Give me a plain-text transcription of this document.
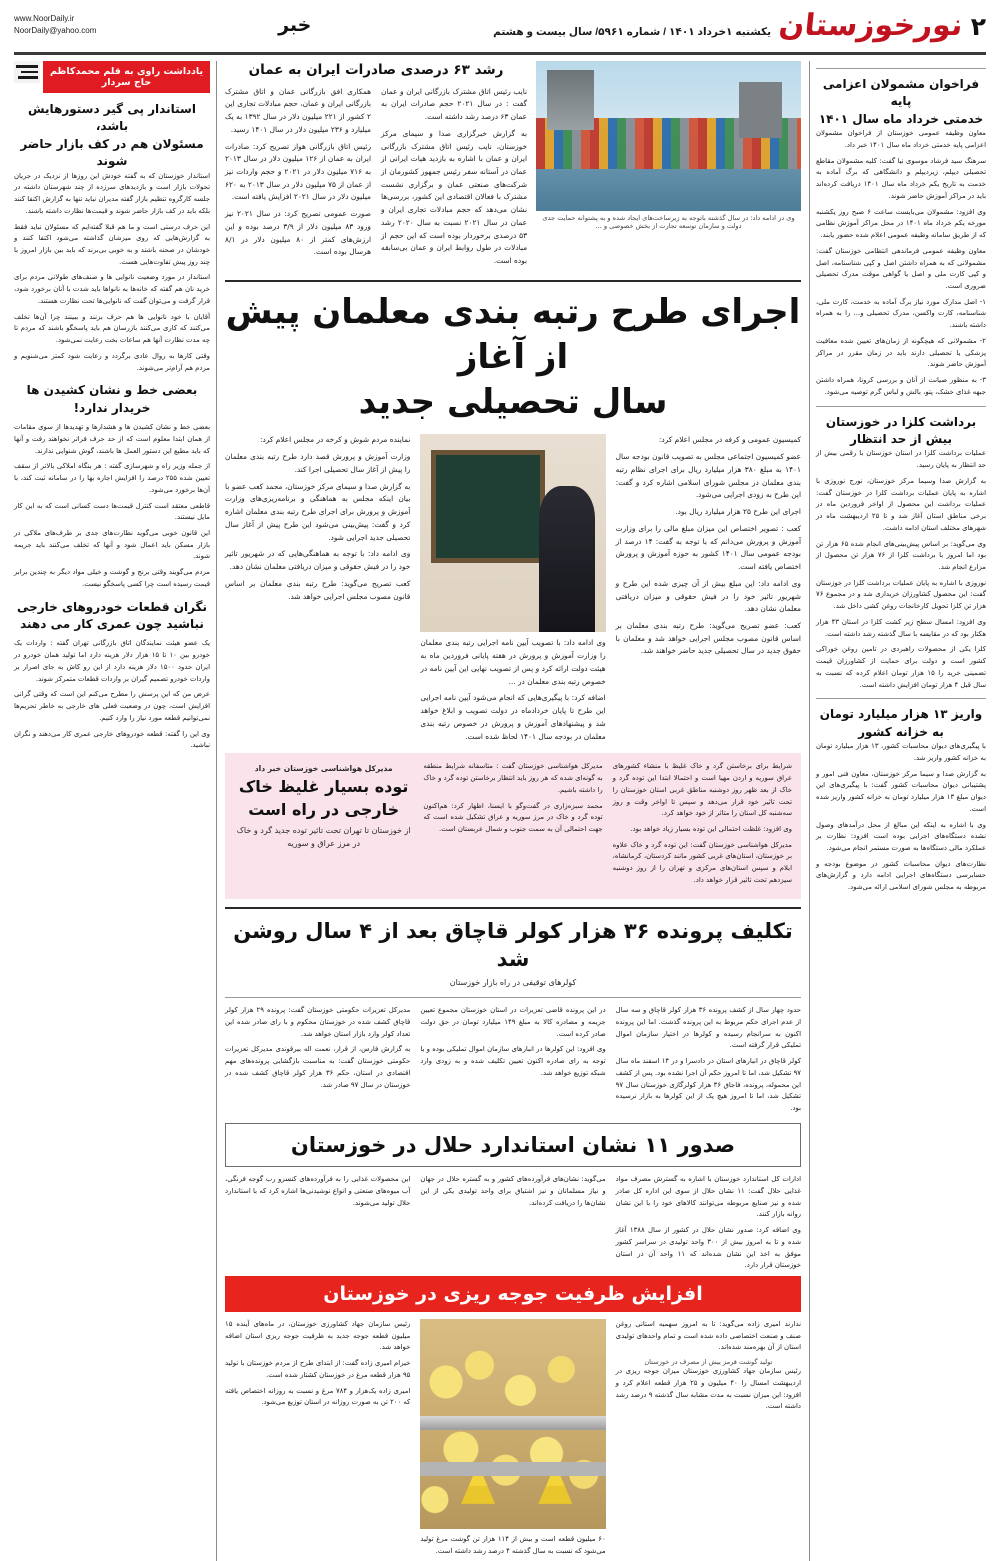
۲
نورخوزستان
یکشنبه ۱خرداد ۱۴۰۱ / شماره ۵۹۶۱/ سال بیست و هشتم
خبر
www.NoorDaily.ir
NoorDaily@yahoo.com
فراخوان مشمولان اعزامی پایه
خدمتی خرداد ماه سال ۱۴۰۱

معاون وظیفه عمومی خوزستان از فراخوان مشمولان اعزامی پایه خدمتی خرداد ماه سال ۱۴۰۱ خبر داد.

سرهنگ سید فرشاد موسوی نیا گفت: کلیه مشمولان مقاطع تحصیلی دیپلم، زیردیپلم و دانشگاهی که برگ آماده به خدمت به تاریخ یکم خرداد ماه سال ۱۴۰۱ دریافت کرده‌اند باید در مراکز آموزش حاضر شوند.

وی افزود: مشمولان می‌بایست ساعت ۶ صبح روز یکشنبه مورخه یکم خرداد ماه ۱۴۰۱ در محل مراکز آموزش نظامی که از طریق سامانه وظیفه عمومی اعلام شده حضور یابند.

معاون وظیفه عمومی فرماندهی انتظامی خوزستان گفت: مشمولانی که به همراه داشتن اصل و کپی شناسنامه، اصل و کپی کارت ملی و اصل یا گواهی موقت مدرک تحصیلی ضروری است.

۱- اصل مدارک مورد نیاز برگ آماده به خدمت، کارت ملی، شناسنامه، کارت واکسن، مدرک تحصیلی و... را به همراه داشته باشند.

۲- مشمولانی که هیچگونه از زمان‌های تعیین شده معافیت پزشکی یا تحصیلی دارند باید در زمان مقرر در مراکز آموزش حاضر شوند.

۳- به منظور صیانت از آنان و بررسی کرونا، همراه داشتن جبهه غذای خشک، پتو، بالش و لباس گرم توصیه می‌شود.

برداشت کلزا در خوزستان
بیش از حد انتظار

عملیات برداشت کلزا در استان خوزستان با رقمی بیش از حد انتظار به پایان رسید.

به گزارش صدا وسیما مرکز خوزستان، نورج نوروزی با اشاره به پایان عملیات برداشت کلزا در خوزستان گفت: عملیات برداشت این محصول از اواخر فروردین ماه در برخی مناطق استان آغاز شد و تا ۲۵ اردیبهشت ماه در شهرهای مختلف استان ادامه داشت.

وی می‌گوید: بر اساس پیش‌بینی‌های انجام شده ۶۵ هزار تن بود اما امروز با برداشت کلزا از ۷۶ هزار تن محصول از مزارع انجام شد.

نوروزی با اشاره به پایان عملیات برداشت کلزا در خوزستان گفت: این محصول کشاورزان خریداری شد و در مجموع ۷۶ هزار تن کلزا تحویل کارخانجات روغن کشی داخل شد.

وی افزود: امسال سطح زیر کشت کلزا در استان ۴۳ هزار هکتار بود که در مقایسه با سال گذشته رشد داشته است.

کلزا یکی از محصولات راهبردی در تامین روغن خوراکی کشور است و دولت برای حمایت از کشاورزان قیمت تضمینی خرید را ۱۵ هزار تومان اعلام کرده که نسبت به سال قبل ۴ هزار تومان افزایش داشته است.

واریز ۱۳ هزار میلیارد تومان
به خزانه کشور

با پیگیری‌های دیوان محاسبات کشور، ۱۳ هزار میلیارد تومان به خزانه کشور واریز شد.

به گزارش صدا و سیما مرکز خوزستان، معاون فنی امور و پشتیبانی دیوان محاسبات کشور گفت: با پیگیری‌های این دیوان مبلغ ۱۳ هزار میلیارد تومان به خزانه کشور واریز شده است.

وی با اشاره به اینکه این مبالغ از محل درآمدهای وصول نشده دستگاه‌های اجرایی بوده است افزود: نظارت بر عملکرد مالی دستگاه‌ها به صورت مستمر انجام می‌شود.

نظارت‌های دیوان محاسبات کشور در موضوع بودجه و حسابرسی دستگاه‌های اجرایی ادامه دارد و گزارش‌های مربوطه به مجلس شورای اسلامی ارائه می‌شود.

وی در ادامه داد: در سال گذشته باتوجه به زیرساخت‌های ایجاد شده و به پشتوانه حمایت جدی دولت و سازمان توسعه تجارت از بخش خصوصی و ...
رشد ۶۳ درصدی صادرات ایران به عمان

نایب رئیس اتاق مشترک بازرگانی ایران و عمان گفت : در سال ۲۰۲۱ حجم صادرات ایران به عمان ۶۳ درصد رشد داشته است.

به گزارش خبرگزاری صدا و سیمای مرکز خوزستان، نایب رئیس اتاق مشترک بازرگانی ایران و عمان با اشاره به بازدید هیات ایرانی از عمان در آستانه سفر رئیس جمهور کشورمان از شرکت‌های صنعتی عمان و برگزاری نشست مشترک با فعالان اقتصادی این کشور، بررسی‌ها نشان می‌دهد که حجم مبادلات تجاری ایران و عمان در سال ۲۰۲۱ نسبت به سال ۲۰۲۰ رشد ۵۳ درصدی برخوردار بوده است که این حجم از مبادلات در طول روابط ایران و عمان بی‌سابقه بوده است.

همکاری افق بازرگانی عمان و اتاق مشترک بازرگانی ایران و عمان، حجم مبادلات تجاری این ۲ کشور از ۲۲۱ میلیون دلار در سال ۱۳۹۲ به یک میلیارد و ۲۳۶ میلیون دلار در سال ۱۴۰۱ رسید.

رئیس اتاق بازرگانی هواز تصریح کرد: صادرات ایران به عمان از ۱۲۶ میلیون دلار در سال ۲۰۱۳ به ۷۱۶ میلیون دلار در ۲۰۲۱ و حجم واردات نیز از عمان از ۷۵ میلیون دلار در سال ۲۰۱۳ به ۶۲۰ میلیون دلار در سال ۲۰۲۱ افزایش یافته است.

صورت عمومی تصریح کرد: در سال ۲۰۲۱ نیز ورود ۸۳ میلیون دلار از ۳/۹ درصد بوده و این ارزش‌های کمتر از ۸۰ میلیون دلار در ۸/۱ هرسال بوده است.

اجرای طرح رتبه بندی معلمان پیش از آغاز
سال تحصیلی جدید

کمیسیون عمومی و کرفه در مجلس اعلام کرد:

عضو کمیسیون اجتماعی مجلس به تصویب قانون بودجه سال ۱۴۰۱ به مبلغ ۳۸۰ هزار میلیارد ریال برای اجرای نظام رتبه بندی معلمان در مجلس شورای اسلامی اشاره کرد و گفت: این طرح به زودی اجرایی می‌شود.

اجرای این طرح ۲۵ هزار میلیارد ریال بود.

کعب : تصویر اختصاص این میزان مبلغ مالی را برای وزارت آموزش و پرورش می‌دانم که با توجه به گفت: ۱۴ درصد از بودجه عمومی سال ۱۴۰۱ کشور به حوزه آموزش و پرورش اختصاص یافته است.

وی ادامه داد: این مبلغ بیش از آن چیزی شده این طرح و شهریور تاثیر خود را در فیش حقوقی و میزان دریافتی معلمان نشان دهد.

کعب: عضو تصریح می‌گوید: طرح رتبه بندی معلمان بر اساس قانون مصوب مجلس اجرایی خواهد شد و معلمان با حقوق جدید در سال تحصیلی جدید حاضر خواهند شد.

وی ادامه داد: با تصویب آیین نامه اجرایی رتبه بندی معلمان را وزارت آموزش و پرورش در هفته پایانی فروردین ماه به هیئت دولت ارائه کرد و پس از تصویب نهایی این آیین نامه در خصوص رتبه بندی معلمان در ...

اضافه کرد: با پیگیری‌هایی که انجام می‌شود آیین نامه اجرایی این طرح تا پایان خردادماه در دولت تصویب و ابلاغ خواهد شد و پیشنهادهای آموزش و پرورش در خصوص رتبه بندی معلمان در بودجه سال ۱۴۰۱ لحاظ شده است.

نماینده مردم شوش و کرخه در مجلس اعلام کرد:

وزارت آموزش و پرورش قصد دارد طرح رتبه بندی معلمان را پیش از آغاز سال تحصیلی اجرا کند.

به گزارش صدا و سیمای مرکز خوزستان، محمد کعب عضو با بیان اینکه مجلس به هماهنگی و برنامه‌ریزی‌های وزارت آموزش و پرورش برای اجرای طرح رتبه بندی معلمان اشاره کرد و گفت: پیش‌بینی می‌شود این طرح پیش از آغاز سال تحصیلی جدید اجرایی شود.

وی ادامه داد: با توجه به هماهنگی‌هایی که در شهریور تاثیر خود را در فیش حقوقی و میزان دریافتی معلمان نشان دهد.

کعب تصریح می‌گوید: طرح رتبه بندی معلمان بر اساس قانون مصوب مجلس اجرایی خواهد شد.

شرایط برای برخاستن گرد و خاک غلیظ با منشاء کشورهای عراق سوریه و اردن مهیا است و احتمالا ابتدا این توده گرد و خاک از بعد ظهر روز دوشنبه مناطق غربی استان خوزستان را تحت تاثیر خود قرار می‌دهد و سپس تا اواخر وقت و روز سه‌شنبه کل استان را متاثر از خود خواهد کرد.

وی افزود: غلظت احتمالی این توده بسیار زیاد خواهد بود.

مدیرکل هواشناسی خوزستان گفت: این توده گرد و خاک علاوه بر خوزستان، استان‌های غربی کشور مانند کردستان، کرمانشاه، ایلام و سپس استان‌های مرکزی و تهران را از روز دوشنبه سیزدهم تحت تاثیر قرار خواهد داد.

مدیرکل هواشناسی خوزستان گفت : متاسفانه شرایط منطقه به گونه‌ای شده که هر روز باید انتظار برخاستن توده گرد و خاک را داشته باشیم.

محمد سبزه‌زاری در گفت‌وگو با ایسنا، اظهار کرد: هم‌اکنون توده گرد و خاک در مرز سوریه و عراق تشکیل شده است که جهت احتمالی آن به سمت جنوب و شمال عربستان است.

مدیرکل هواشناسی خوزستان خبر داد
توده بسیار غلیظ خاک
خارجی در راه است
از خوزستان تا تهران تحت تاثیر توده جدید گرد و خاک در مرز عراق و سوریه
تکلیف پرونده ۳۶ هزار کولر قاچاق بعد از ۴ سال روشن شد
کولرهای توقیفی در راه بازار خوزستان

حدود چهار سال از کشف پرونده ۳۶ هزار کولر قاچاق و سه سال از عدم اجرای حکم مربوط به این پرونده گذشت. اما این پرونده اکنون به سرانجام رسیده و کولرها در اختیار سازمان اموال تملیکی قرار گرفته است.

کولر قاچاق در انبارهای استان در دادسرا و در ۱۴ اسفند ماه سال ۹۷ تشکیل شد، اما تا امروز حکم آن اجرا نشده بود. پس از کشف این محموله، پرونده، فاجاق ۳۶ هزار کولرگازی خوزستان سال ۹۷ تشکیل شد، اما تا امروز هیچ یک از این کولرها به بازار نرسیده بود.

در این پرونده قاضی تعزیرات در استان خوزستان مجموع تعیین جریمه و مصادره کالا به مبلغ ۱۴۹ میلیارد تومان در حق دولت صادر کرده است.

وی افزود: این کولرها در انبارهای سازمان اموال تملیکی بوده و با توجه به رای صادره اکنون تعیین تکلیف شده و به زودی وارد شبکه توزیع خواهد شد.

مدیرکل تعزیرات حکومتی خوزستان گفت: پرونده ۲۹ هزار کولر قاچاق کشف شده در خوزستان محکوم و با رای صادر شده این تعداد کولر وارد بازار استان خواهد شد.

به گزارش فارس، از قرار، نعمت اله بیرقوندی مدیرکل تعزیرات حکومتی خوزستان گفت: به مناسبت بازگشایی پرونده‌های مهم اقتصادی در استان، حکم ۳۶ هزار کولر قاچاق کشف شده در خوزستان در سال ۹۷ صادر شد.

صدور ۱۱ نشان استاندارد حلال در خوزستان

ادارات کل استاندارد خوزستان با اشاره به گسترش مصرف مواد غذایی حلال گفت: ۱۱ نشان حلال از سوی این اداره کل صادر شده و نیز صنایع مربوطه می‌توانند کالاهای خود را با این نشان روانه بازار کنند.

وی اضافه کرد: صدور نشان حلال در کشور از سال ۱۳۸۸ آغاز شده و تا به امروز بیش از ۳۰۰ واحد تولیدی در سراسر کشور موفق به اخذ این نشان شده‌اند که ۱۱ واحد آن در استان خوزستان قرار دارد.

می‌گوید: نشان‌های فرآورده‌های کشور و به گستره حلال در جهان و نیاز مسلمانان و نیز اشتیاق برای واحد تولیدی یکی از این نشان‌ها را دریافت کرده‌اند.

این محصولات غذایی را به فرآورده‌های کنسرو رب گوجه فرنگی، آب میوه‌های صنعتی و انواع نوشیدنی‌ها اشاره کرد که با استاندارد حلال تولید می‌شوند.

افزایش ظرفیت جوجه ریزی در خوزستان

ندارند امیری زاده می‌گوید: تا به امروز سهمیه استانی روغن صنف و صنعت اختصاصی داده شده است و تمام واحدهای تولیدی استان از آن بهره‌مند شده‌اند.

تولید گوشت قرمز بیش از مصرف در خوزستان

رئیس سازمان جهاد کشاورزی خوزستان میزان جوجه ریزی در اردیبهشت امسال را ۴۰ میلیون و ۲۵ هزار قطعه اعلام کرد و افزود: این میزان نسبت به مدت مشابه سال گذشته ۹ درصد رشد داشته است.

۶۰ میلیون قطعه است و بیش از ۱۱۴ هزار تن گوشت مرغ تولید می‌شود که نسبت به سال گذشته ۴ درصد رشد داشته است.

رئیس سازمان جهاد کشاورزی خوزستان، در ماه‌های آینده ۱۵ میلیون قطعه جوجه جدید به ظرفیت جوجه ریزی استان اضافه خواهد شد.

خیرام امیری زاده گفت: از ابتدای طرح از مردم خوزستان با تولید ۹۵ هزار قطعه مرغ در خوزستان کشتار شده است.

امیری زاده یک‌هزار و ۷۸۴ مرغ و نسبت به روزانه اختصاص یافته که ۲۰۰ تن به صورت روزانه در استان توزیع می‌شود.

یادداشت راوی به قلم محمدکاظم حاج سردار
استاندار پی گیر دستورهایش باشد،
مسئولان هم در کف بازار حاضر شوند

استاندار خوزستان که به گفته خودش این روزها از نزدیک در جریان تحولات بازار است و بازدیدهای سرزده از چند شهرستان داشته در جلسه کارگروه تنظیم بازار گفته مدیران نباید تنها به گزارش اکتفا کنند بلکه باید در کف بازار حاضر شوند و قیمت‌ها نظارت داشته باشند.

این حرف درستی است و ما هم قبلا گفته‌ایم که مسئولان نباید فقط به گزارش‌هایی که روی میزشان گذاشته می‌شود اکتفا کنند و خودشان در صحنه باشند و به خوبی بی‌برند که باید بین بازار امروز با چند روز پیش تفاوت‌هایی هست.

استاندار در مورد وضعیت نانوایی ها و صنف‌های طولانی مردم برای خرید نان هم گفته که خانه‌ها به نانواها باید شدت با آنان برخورد شود، قرار گرفت و می‌توان گفت که نانوایی‌ها تحت نظارت هستند.

آقایان با خود نانوایی ها هم حرف بزنند و ببینند چرا آن‌ها تخلف می‌کنند که کاری می‌کنند بازرسان هم باید پاسخگو باشند که مردم تا چه مدت نظارت آنها هم ساعات بخت رعایت نمی‌شود.

وقتی کارها به روال عادی برگردد و رعایت شود کمتر می‌شنویم و مردم هم آرام‌تر می‌شوند.

بعضی خط و نشان کشیدن ها خریدار ندارد!

بعضی خط و نشان کشیدن ها و هشدارها و تهدیدها از سوی مقامات از همان ابتدا معلوم است که از حد حرف فراتر نخواهند رفت و آنها که باید مطیع این دستور العمل ها باشند، گوش شنوایی ندارند.

از جمله وزیر راه و شهرسازی گفته : هر بنگاه املاکی بالاتر از سقف تعیین شده ۲۵۵ درصد را افزایش اجاره بها را در سامانه ثبت کند، با آن‌ها برخورد می‌شود.

قاطعی معتقد است کنترل قیمت‌ها دست کسانی است که به این کار مایل نیستند.

این قانون خوبی می‌گوید نظارت‌های جدی بر طرف‌های ملاکی در بازار مسکن باید اعمال شود و آنها که تخلف می‌کنند باید جریمه شوند.

مردم می‌گویند وقتی برنج و گوشت و خیلی مواد دیگر به چندین برابر قیمت رسیده است چرا کسی پاسخگو نیست.

نگران قطعات خودروهای خارجی نباشید چون عمری کار می دهند

یک عضو هیئت نمایندگان اتاق بازرگانی تهران گفته : واردات یک خودرو بین ۱۰ تا ۱۵ هزار دلار هزینه دارد اما تولید همان خودرو در ایران حدود ۱۵۰۰ دلار هزینه دارد از این رو کاش به جای اصرار بر واردات خودرو تصمیم گیران بر واردات قطعات متمرکز شوند.

عرض من که این پرسش را مطرح می‌کنم این است که وقتی گرانی افزایش است، چون در وضعیت فعلی های خارجی به خاطر تحریم‌ها نمی‌توانیم قطعه مورد نیاز را وارد کنیم.

وی این را گفته: قطعه خودروهای خارجی عمری کار می‌دهند و نگران نباشید.
